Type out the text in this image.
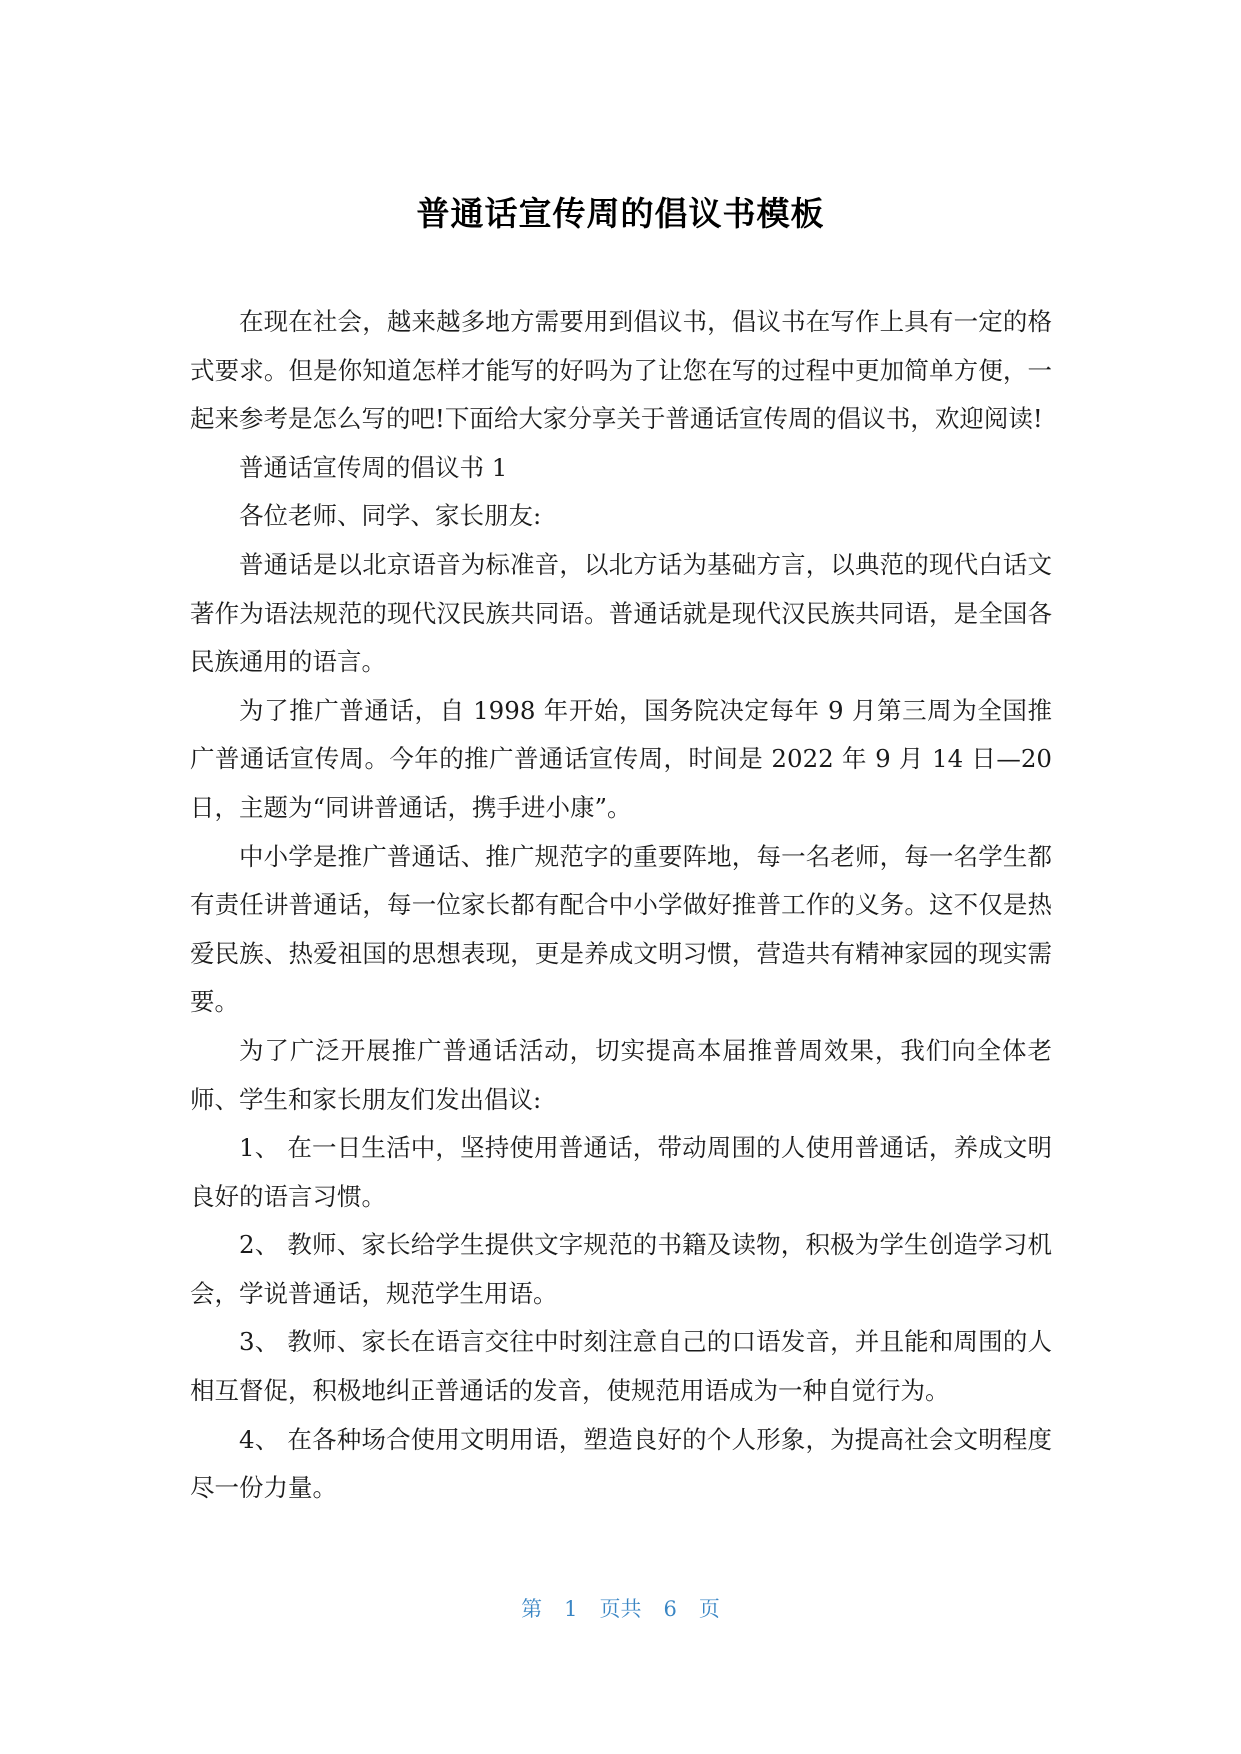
普通话宣传周的倡议书模板

在现在社会，越来越多地方需要用到倡议书，倡议书在写作上具有一定的格式要求。但是你知道怎样才能写的好吗为了让您在写的过程中更加简单方便，一起来参考是怎么写的吧!下面给大家分享关于普通话宣传周的倡议书，欢迎阅读!

普通话宣传周的倡议书 1

各位老师、同学、家长朋友:

普通话是以北京语音为标准音，以北方话为基础方言，以典范的现代白话文著作为语法规范的现代汉民族共同语。普通话就是现代汉民族共同语，是全国各民族通用的语言。

为了推广普通话，自 1998 年开始，国务院决定每年 9 月第三周为全国推广普通话宣传周。今年的推广普通话宣传周，时间是 2022 年 9 月 14 日—20 日，主题为“同讲普通话，携手进小康”。

中小学是推广普通话、推广规范字的重要阵地，每一名老师，每一名学生都有责任讲普通话，每一位家长都有配合中小学做好推普工作的义务。这不仅是热爱民族、热爱祖国的思想表现，更是养成文明习惯，营造共有精神家园的现实需要。

为了广泛开展推广普通话活动，切实提高本届推普周效果，我们向全体老师、学生和家长朋友们发出倡议:

1、 在一日生活中，坚持使用普通话，带动周围的人使用普通话，养成文明良好的语言习惯。

2、 教师、家长给学生提供文字规范的书籍及读物，积极为学生创造学习机会，学说普通话，规范学生用语。

3、 教师、家长在语言交往中时刻注意自己的口语发音，并且能和周围的人相互督促，积极地纠正普通话的发音，使规范用语成为一种自觉行为。

4、 在各种场合使用文明用语，塑造良好的个人形象，为提高社会文明程度尽一份力量。

第 1 页共 6 页
